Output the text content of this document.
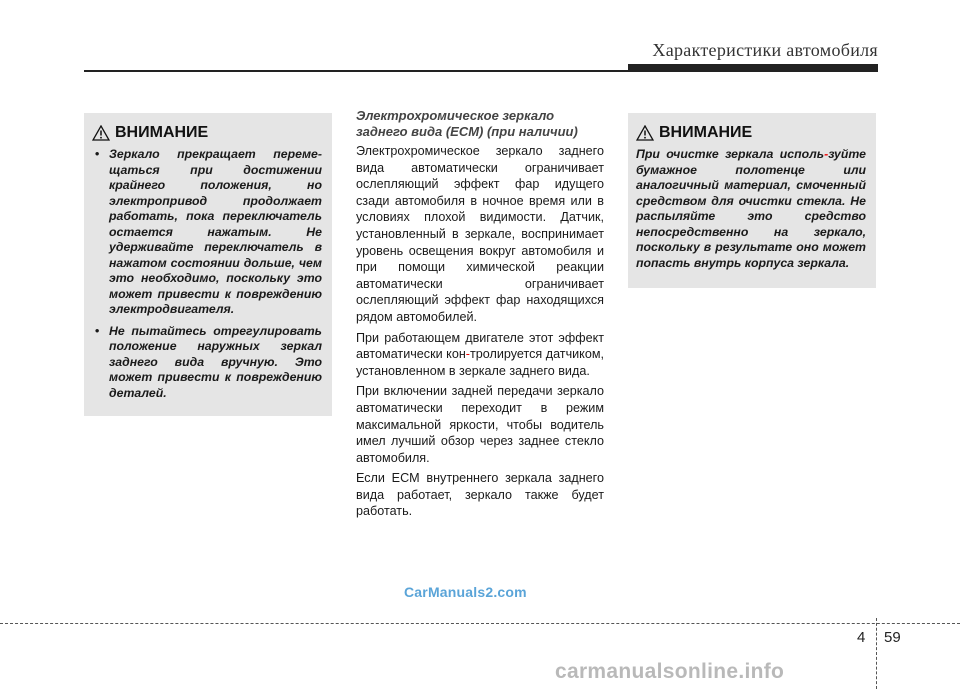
Характеристики автомобиля
ВНИМАНИЕ
• Зеркало прекращает переме-щаться при достижении крайнего положения, но электропривод продолжает работать, пока переключатель остается нажатым. Не удерживайте переключатель в нажатом состоянии дольше, чем это необходимо, поскольку это может привести к повреждению электродвигателя.
• Не пытайтесь отрегулировать положение наружных зеркал заднего вида вручную. Это может привести к повреждению деталей.

Электрохромическое зеркало заднего вида (ЕСМ) (при наличии)

Электрохромическое зеркало заднего вида автоматически ограничивает ослепляющий эффект фар идущего сзади автомобиля в ночное время или в условиях плохой видимости. Датчик, установленный в зеркале, воспринимает уровень освещения вокруг автомобиля и при помощи химической реакции автоматически ограничивает ослепляющий эффект фар находящихся рядом автомобилей.

При работающем двигателе этот эффект автоматически кон-тролируется датчиком, установленном в зеркале заднего вида.

При включении задней передачи зеркало автоматически переходит в режим максимальной яркости, чтобы водитель имел лучший обзор через заднее стекло автомобиля.

Если ECM внутреннего зеркала заднего вида работает, зеркало также будет работать.

ВНИМАНИЕ

При очистке зеркала исполь-зуйте бумажное полотенце или аналогичный материал, смоченный средством для очистки стекла. Не распыляйте это средство непосредственно на зеркало, поскольку в результате оно может попасть внутрь корпуса зеркала.

CarManuals2.com
4 59
carmanualsonline.info
